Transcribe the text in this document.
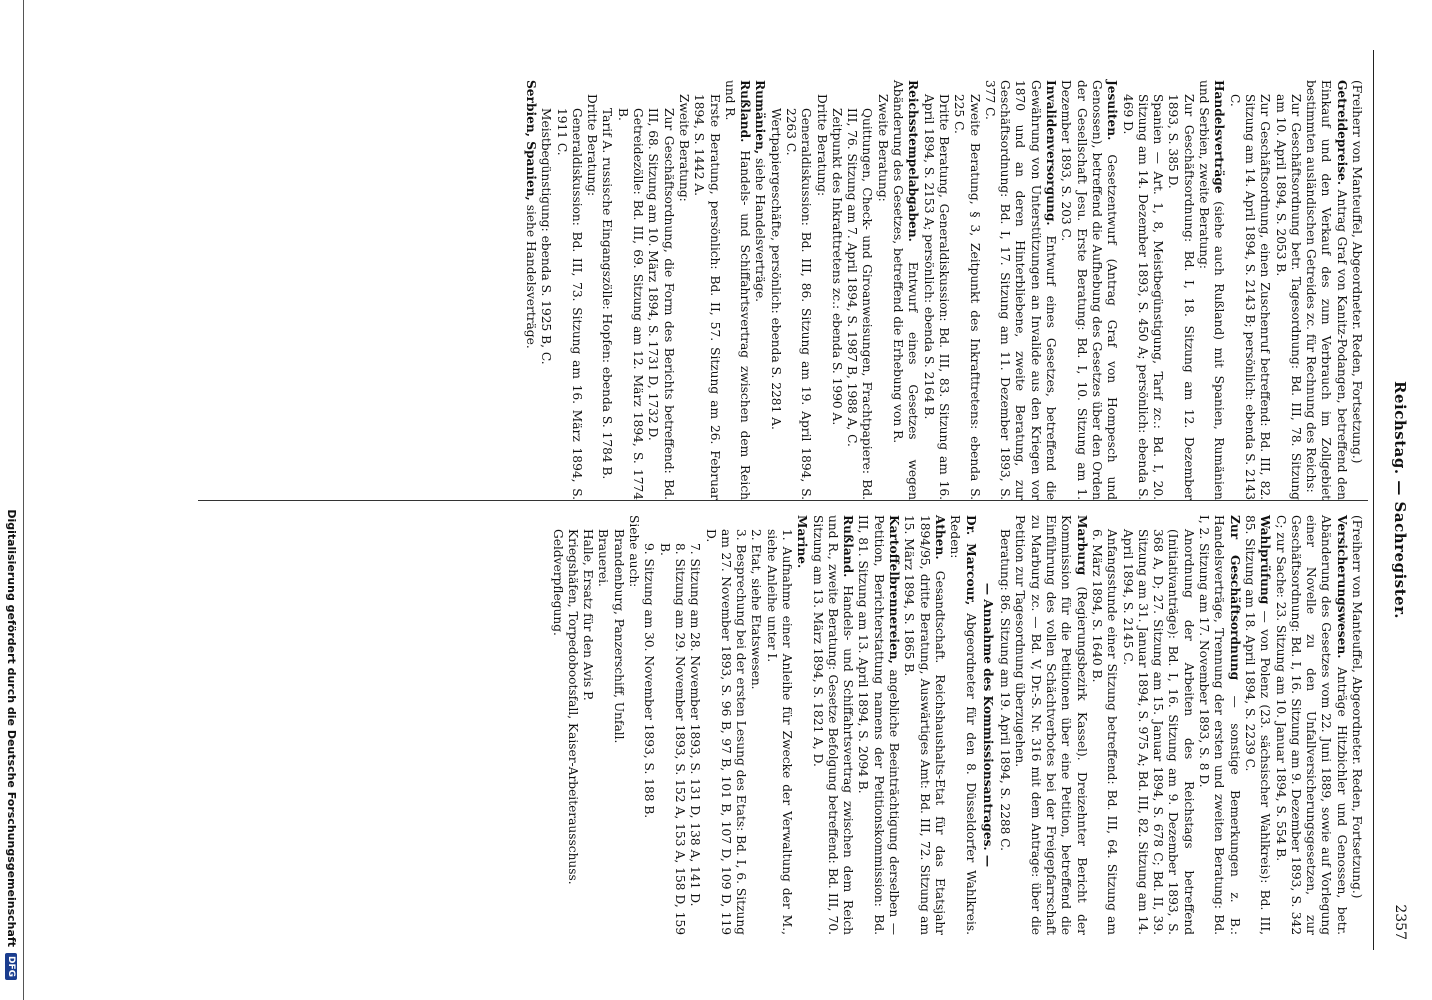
Reichstag. — Sachregister.
2357

(Freiherr von Manteuffel, Abgeordneter. Reden, Fortsetzung.)

Getreidepreise. Antrag Graf von Kanitz-Podangen, betreffend den Einkauf und den Verkauf des zum Verbrauch im Zollgebiet bestimmten ausländischen Getreides zc. für Rechnung des Reichs:

Zur Geschäftsordnung betr. Tagesordnung: Bd. III, 78. Sitzung am 10. April 1894, S. 2053 B.

Zur Geschäftsordnung, einen Zuschenruf betreffend: Bd. III, 82. Sitzung am 14. April 1894, S. 2143 B; persönlich: ebenda S. 2143 C.

Handelsverträge (siehe auch Rußland) mit Spanien, Rumänien und Serbien, zweite Beratung:

Zur Geschäftsordnung: Bd. I, 18. Sitzung am 12. Dezember 1893, S. 385 D.

Spanien — Art. 1, 8, Meistbegünstigung, Tarif zc.: Bd. I, 20. Sitzung am 14. Dezember 1893, S. 450 A; persönlich: ebenda S. 469 D.

Jesuiten. Gesetzentwurf (Antrag Graf von Hompesch und Genossen), betreffend die Aufhebung des Gesetzes über den Orden der Gesellschaft Jesu. Erste Beratung: Bd. I, 10. Sitzung am 1. Dezember 1893, S. 203 C.

Invalidenversorgung. Entwurf eines Gesetzes, betreffend die Gewährung von Unterstützungen an Invalide aus den Kriegen vor 1870 und an deren Hinterbliebene, zweite Beratung, zur Geschäftsordnung: Bd. I, 17. Sitzung am 11. Dezember 1893, S. 377 C.

Zweite Beratung, § 3, Zeitpunkt des Inkrafttretens: ebenda S. 225 C.

Dritte Beratung, Generaldiskussion: Bd. III, 83. Sitzung am 16. April 1894, S. 2153 A; persönlich: ebenda S. 2164 B.

Reichsstempelabgaben. Entwurf eines Gesetzes wegen Abänderung des Gesetzes, betreffend die Erhebung von R.

Zweite Beratung:

Quittungen, Check- und Giroanweisungen, Frachtpapiere: Bd. III, 76. Sitzung am 7. April 1894, S. 1987 B, 1988 A, C.

Zeitpunkt des Inkrafttretens zc.: ebenda S. 1990 A.

Dritte Beratung:

Generaldiskussion: Bd. III, 86. Sitzung am 19. April 1894, S. 2263 C.

Wertpapiergeschäfte, persönlich: ebenda S. 2281 A.

Rumänien, siehe Handelsverträge.

Rußland. Handels- und Schiffahrtsvertrag zwischen dem Reich und R.

Erste Beratung, persönlich: Bd. II, 57. Sitzung am 26. Februar 1894, S. 1442 A.

Zweite Beratung:

Zur Geschäftsordnung, die Form des Berichts betreffend: Bd. III, 68. Sitzung am 10. März 1894, S. 1731 D, 1732 D.

Getreidezölle: Bd. III, 69. Sitzung am 12. März 1894, S. 1774 B.

Tarif A. russische Eingangszölle: Hopfen: ebenda S. 1784 B.

Dritte Beratung:

Generaldiskussion: Bd. III, 73. Sitzung am 16. März 1894, S. 1911 C.

Meistbegünstigung: ebenda S. 1925 B, C.

Serbien, Spanien, siehe Handelsverträge.

(Freiherr von Manteuffel, Abgeordneter. Reden, Fortsetzung.)

Versicherungswesen. Anträge Hitzbichler und Genossen, betr. Abänderung des Gesetzes vom 22. Juni 1889, sowie auf Vorlegung einer Novelle zu den Unfallversicherungsgesetzen, zur Geschäftsordnung: Bd. I, 16. Sitzung am 9. Dezember 1893, S. 342 C; zur Sache: 23. Sitzung am 10. Januar 1894, S. 554 B.

Wahlprüfung — von Polenz (23. sächsischer Wahlkreis): Bd. III, 85. Sitzung am 18. April 1894, S. 2239 C.

Zur Geschäftsordnung — sonstige Bemerkungen z. B.: Handelsverträge, Trennung der ersten und zweiten Beratung: Bd. I, 2. Sitzung am 17. November 1893, S. 8 D.

Anordnung der Arbeiten des Reichstags betreffend (Initiativanträge): Bd. I, 16. Sitzung am 9. Dezember 1893, S. 368 A, D; 27. Sitzung am 15. Januar 1894, S. 678 C; Bd. II, 39. Sitzung am 31. Januar 1894, S. 975 A; Bd. III, 82. Sitzung am 14. April 1894, S. 2145 C.

Anfangsstunde einer Sitzung betreffend: Bd. III, 64. Sitzung am 6. März 1894, S. 1640 B.

Marburg (Regierungsbezirk Kassel). Dreizehnter Bericht der Kommission für die Petitionen über eine Petition, betreffend die Einführung des vollen Schächtverbotes bei der Freigepfarrschaft zu Marburg zc. — Bd. V, Dr.-S. Nr. 316 mit dem Antrage: über die Petition zur Tagesordnung überzugehen.

Beratung: 86. Sitzung am 19. April 1894, S. 2288 C.

— Annahme des Kommissionsantrages. —

Dr. Marcour, Abgeordneter für den 8. Düsseldorfer Wahlkreis. Reden:

Athen. Gesandtschaft. Reichshaushalts-Etat für das Etatsjahr 1894/95, dritte Beratung, Auswärtiges Amt: Bd. III, 72. Sitzung am 15. März 1894, S. 1865 B.

Kartoffelbrennereien, angebliche Beeinträchtigung derselben — Petition, Berichterstattung namens der Petitionskommission: Bd. III, 81. Sitzung am 13. April 1894, S. 2094 B.

Rußland. Handels- und Schiffahrtsvertrag zwischen dem Reich und R., zweite Beratung: Gesetze Befolgung betreffend: Bd. III, 70. Sitzung am 13. März 1894, S. 1821 A, D.

Marine.

1. Aufnahme einer Anleihe für Zwecke der Verwaltung der M., siehe Anleihe unter I.

2. Etat, siehe Etatswesen.

3. Besprechung bei der ersten Lesung des Etats: Bd. I, 6. Sitzung am 27. November 1893, S. 96 B, 97 B, 101 B, 107 D, 109 D, 119 D.

7. Sitzung am 28. November 1893, S. 131 D, 138 A, 141 D.

8. Sitzung am 29. November 1893, S. 152 A, 153 A, 158 D, 159 B.

9. Sitzung am 30. November 1893, S. 188 B.

Siehe auch:

Brandenburg, Panzerschiff, Unfall.

Brauerei.

Halle, Ersatz für den Avis P.

Kriegshäfen, Torpedobootsfall, Kaiser-Arbeiterausschuss.

Geldverpflegung.

Digitalisierung gefördert durch die Deutsche Forschungsgemeinschaft
DFG
